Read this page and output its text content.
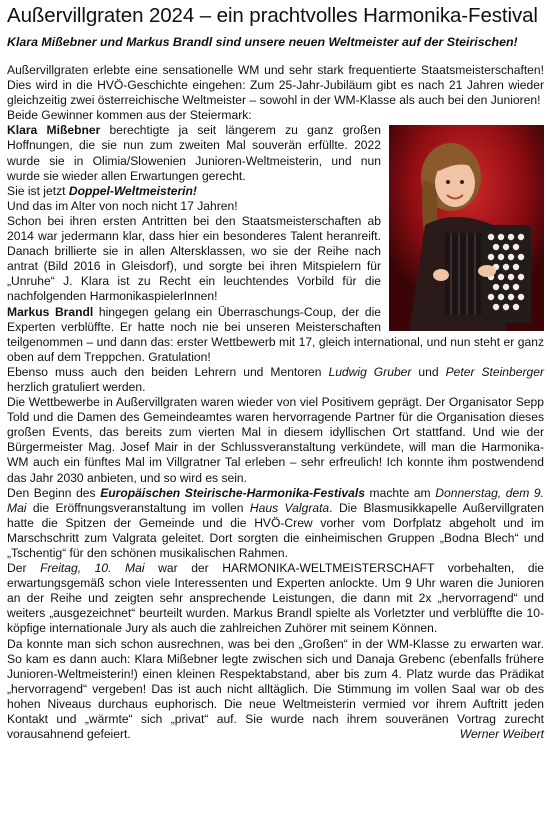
Außervillgraten 2024 – ein prachtvolles Harmonika-Festival
Klara Mißebner und Markus Brandl sind unsere neuen Weltmeister auf der Steirischen!

Außervillgraten erlebte eine sensationelle WM und sehr stark frequentierte Staatsmeisterschaften! Dies wird in die HVÖ-Geschichte eingehen: Zum 25-Jahr-Jubiläum gibt es nach 21 Jahren wieder gleichzeitig zwei österreichische Weltmeister – sowohl in der WM-Klasse als auch bei den Junioren!

Beide Gewinner kommen aus der Steiermark:

Klara Mißebner berechtigte ja seit längerem zu ganz großen Hoffnungen, die sie nun zum zweiten Mal souverän erfüllte. 2022 wurde sie in Olimia/Slowenien Junioren-Weltmeisterin, und nun wurde sie wieder allen Erwartungen gerecht.

Sie ist jetzt Doppel-Weltmeisterin!

Und das im Alter von noch nicht 17 Jahren!

Schon bei ihren ersten Antritten bei den Staatsmeisterschaften ab 2014 war jedermann klar, dass hier ein besonderes Talent heranreift. Danach brillierte sie in allen Altersklassen, wo sie der Reihe nach antrat (Bild 2016 in Gleisdorf), und sorgte bei ihren Mitspielern für „Unruhe“ J. Klara ist zu Recht ein leuchtendes Vorbild für die nachfolgenden HarmonikaspielerInnen!

Markus Brandl hingegen gelang ein Überraschungs-Coup, der die Experten verblüffte. Er hatte noch nie bei unseren Meisterschaften teilgenommen – und dann das: erster Wettbewerb mit 17, gleich international, und nun steht er ganz oben auf dem Treppchen. Gratulation!

Ebenso muss auch den beiden Lehrern und Mentoren Ludwig Gruber und Peter Steinberger herzlich gratuliert werden.

Die Wettbewerbe in Außervillgraten waren wieder von viel Positivem geprägt. Der Organisator Sepp Told und die Damen des Gemeindeamtes waren hervorragende Partner für die Organisation dieses großen Events, das bereits zum vierten Mal in diesem idyllischen Ort stattfand. Und wie der Bürgermeister Mag. Josef Mair in der Schlussveranstaltung verkündete, will man die Harmonika-WM auch ein fünftes Mal im Villgratner Tal erleben – sehr erfreulich! Ich konnte ihm postwendend das Jahr 2030 anbieten, und so wird es sein.

Den Beginn des Europäischen Steirische-Harmonika-Festivals machte am Donnerstag, dem 9. Mai die Eröffnungsveranstaltung im vollen Haus Valgrata. Die Blasmusikkapelle Außervillgraten hatte die Spitzen der Gemeinde und die HVÖ-Crew vorher vom Dorfplatz abgeholt und im Marschschritt zum Valgrata geleitet. Dort sorgten die einheimischen Gruppen „Bodna Blech“ und „Tschentig“ für den schönen musikalischen Rahmen.

Der Freitag, 10. Mai war der HARMONIKA-WELTMEISTERSCHAFT vorbehalten, die erwartungsgemäß schon viele Interessenten und Experten anlockte. Um 9 Uhr waren die Junioren an der Reihe und zeigten sehr ansprechende Leistungen, die dann mit 2x „hervorragend“ und weiters „ausgezeichnet“ beurteilt wurden. Markus Brandl spielte als Vorletzter und verblüffte die 10-köpfige internationale Jury als auch die zahlreichen Zuhörer mit seinem Können.

Da konnte man sich schon ausrechnen, was bei den „Großen“ in der WM-Klasse zu erwarten war. So kam es dann auch: Klara Mißebner legte zwischen sich und Danaja Grebenc (ebenfalls frühere Junioren-Weltmeisterin!) einen kleinen Respektabstand, aber bis zum 4. Platz wurde das Prädikat „hervorragend“ vergeben! Das ist auch nicht alltäglich. Die Stimmung im vollen Saal war ob des hohen Niveaus durchaus euphorisch. Die neue Weltmeisterin vermied vor ihrem Auftritt jeden Kontakt und „wärmte“ sich „privat“ auf. Sie wurde nach ihrem souveränen Vortrag zurecht vorausahnend gefeiert.	Werner Weibert
